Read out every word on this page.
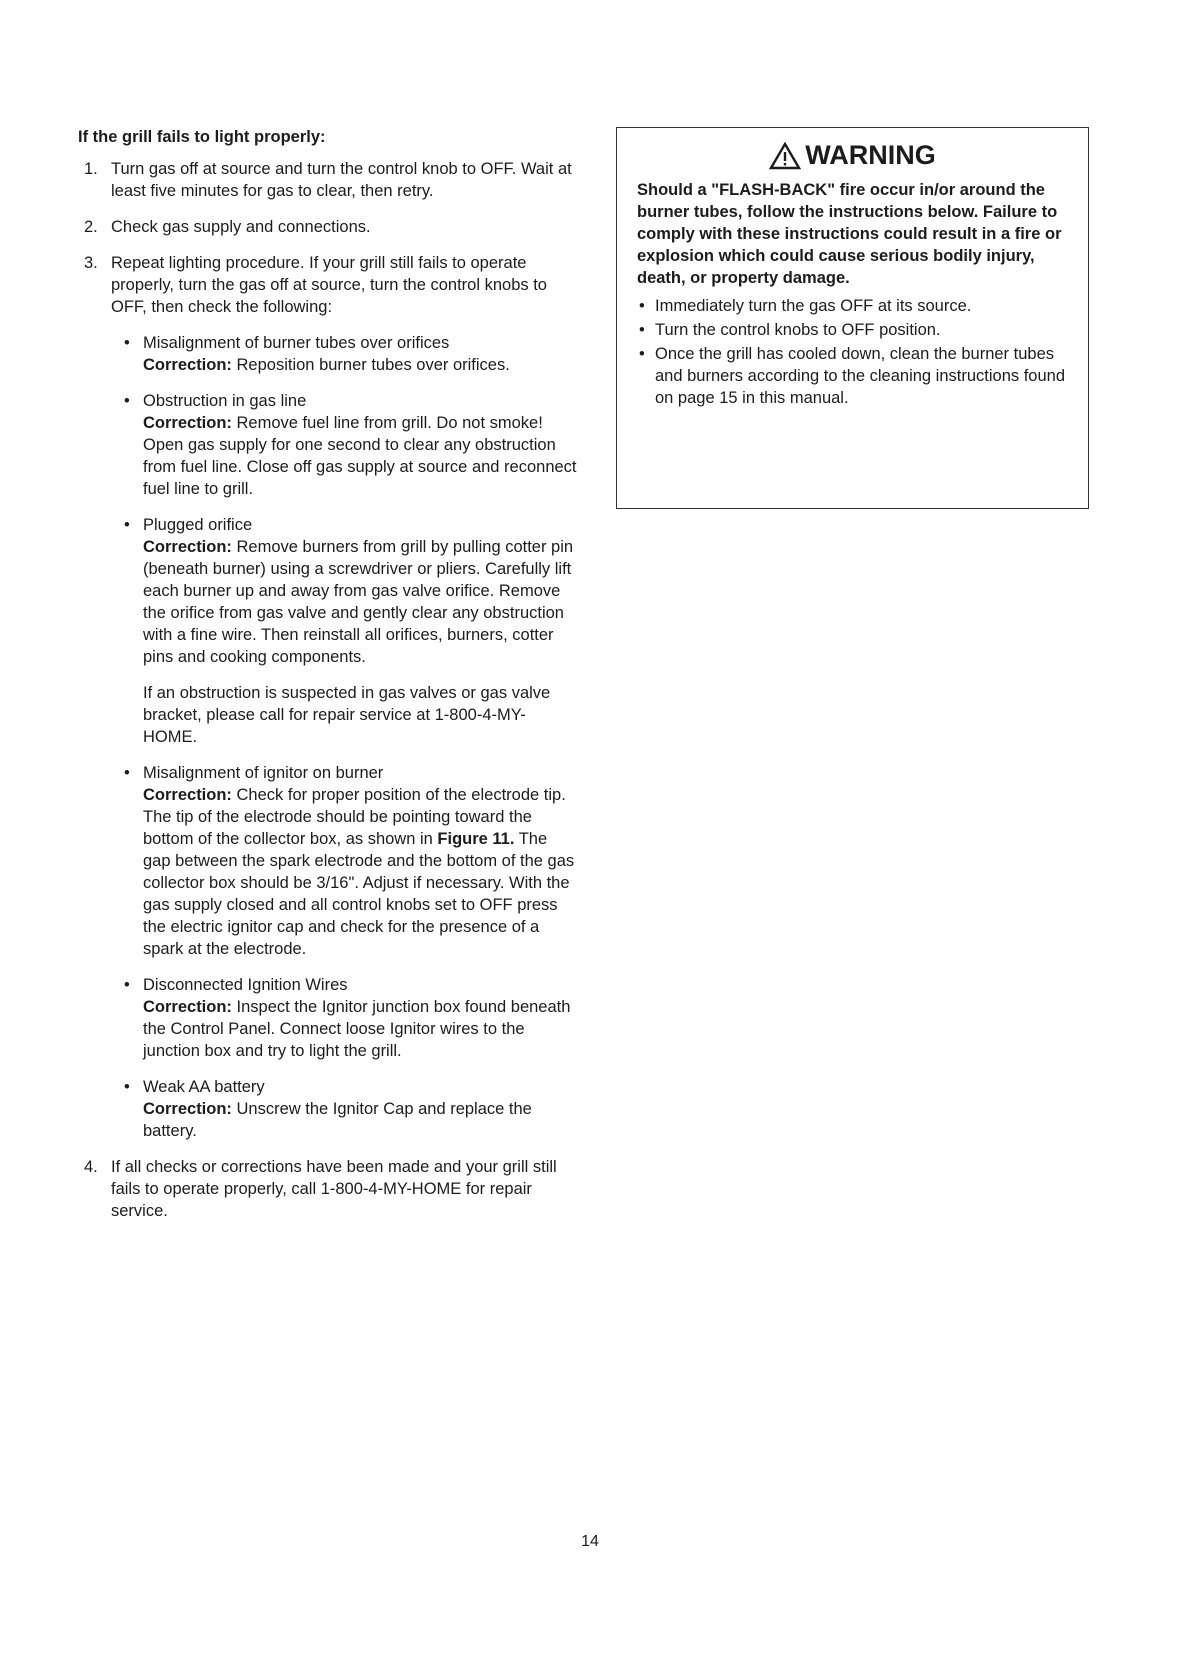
If the grill fails to light properly:
1. Turn gas off at source and turn the control knob to OFF. Wait at least five minutes for gas to clear, then retry.
2. Check gas supply and connections.
3. Repeat lighting procedure. If your grill still fails to operate properly, turn the gas off at source, turn the control knobs to OFF, then check the following:
• Misalignment of burner tubes over orifices
Correction: Reposition burner tubes over orifices.
• Obstruction in gas line
Correction: Remove fuel line from grill. Do not smoke! Open gas supply for one second to clear any obstruction from fuel line. Close off gas supply at source and reconnect fuel line to grill.
• Plugged orifice
Correction: Remove burners from grill by pulling cotter pin (beneath burner) using a screwdriver or pliers. Carefully lift each burner up and away from gas valve orifice. Remove the orifice from gas valve and gently clear any obstruction with a fine wire. Then reinstall all orifices, burners, cotter pins and cooking components.
If an obstruction is suspected in gas valves or gas valve bracket, please call for repair service at 1-800-4-MY-HOME.
• Misalignment of ignitor on burner
Correction: Check for proper position of the electrode tip. The tip of the electrode should be pointing toward the bottom of the collector box, as shown in Figure 11. The gap between the spark electrode and the bottom of the gas collector box should be 3/16". Adjust if necessary. With the gas supply closed and all control knobs set to OFF press the electric ignitor cap and check for the presence of a spark at the electrode.
• Disconnected Ignition Wires
Correction: Inspect the Ignitor junction box found beneath the Control Panel. Connect loose Ignitor wires to the junction box and try to light the grill.
• Weak AA battery
Correction: Unscrew the Ignitor Cap and replace the battery.
4. If all checks or corrections have been made and your grill still fails to operate properly, call 1-800-4-MY-HOME for repair service.
WARNING
Should a "FLASH-BACK" fire occur in/or around the burner tubes, follow the instructions below. Failure to comply with these instructions could result in a fire or explosion which could cause serious bodily injury, death, or property damage.
• Immediately turn the gas OFF at its source.
• Turn the control knobs to OFF position.
• Once the grill has cooled down, clean the burner tubes and burners according to the cleaning instructions found on page 15 in this manual.
14
